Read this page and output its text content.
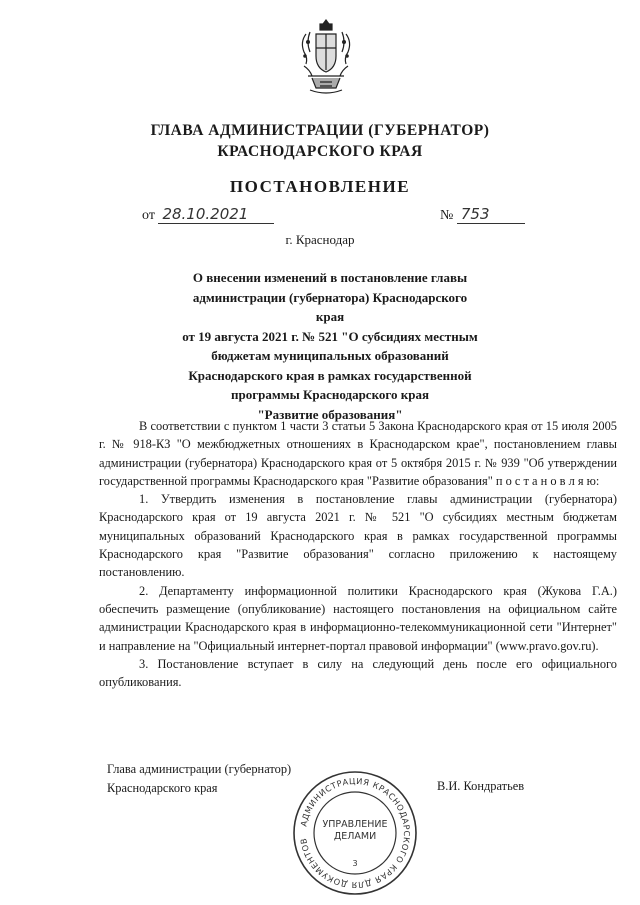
ГЛАВА АДМИНИСТРАЦИИ (ГУБЕРНАТОР)
КРАСНОДАРСКОГО КРАЯ
ПОСТАНОВЛЕНИЕ
от 28.10.2021	№ 753
г. Краснодар
О внесении изменений в постановление главы
администрации (губернатора) Краснодарского края
от 19 августа 2021 г. № 521 "О субсидиях местным
бюджетам муниципальных образований
Краснодарского края в рамках государственной
программы Краснодарского края
"Развитие образования"

В соответствии с пунктом 1 части 3 статьи 5 Закона Краснодарского края от 15 июля 2005 г. № 918-КЗ "О межбюджетных отношениях в Краснодарском крае", постановлением главы администрации (губернатора) Краснодарского края от 5 октября 2015 г. № 939 "Об утверждении государственной программы Краснодарского края "Развитие образования" п о с т а н о в л я ю:

1. Утвердить изменения в постановление главы администрации (губернатора) Краснодарского края от 19 августа 2021 г. № 521 "О субсидиях местным бюджетам муниципальных образований Краснодарского края в рамках государственной программы Краснодарского края "Развитие образования" согласно приложению к настоящему постановлению.

2. Департаменту информационной политики Краснодарского края (Жукова Г.А.) обеспечить размещение (опубликование) настоящего постановления на официальном сайте администрации Краснодарского края в информационно-телекоммуникационной сети "Интернет" и направление на "Официальный интернет-портал правовой информации" (www.pravo.gov.ru).

3. Постановление вступает в силу на следующий день после его официального опубликования.

Глава администрации (губернатор)
Краснодарского края	В.И. Кондратьев
АДМИНИСТРАЦИЯ КРАСНОДАРСКОГО КРАЯ ДЛЯ ДОКУМЕНТОВ
УПРАВЛЕНИЕ
ДЕЛАМИ
3
